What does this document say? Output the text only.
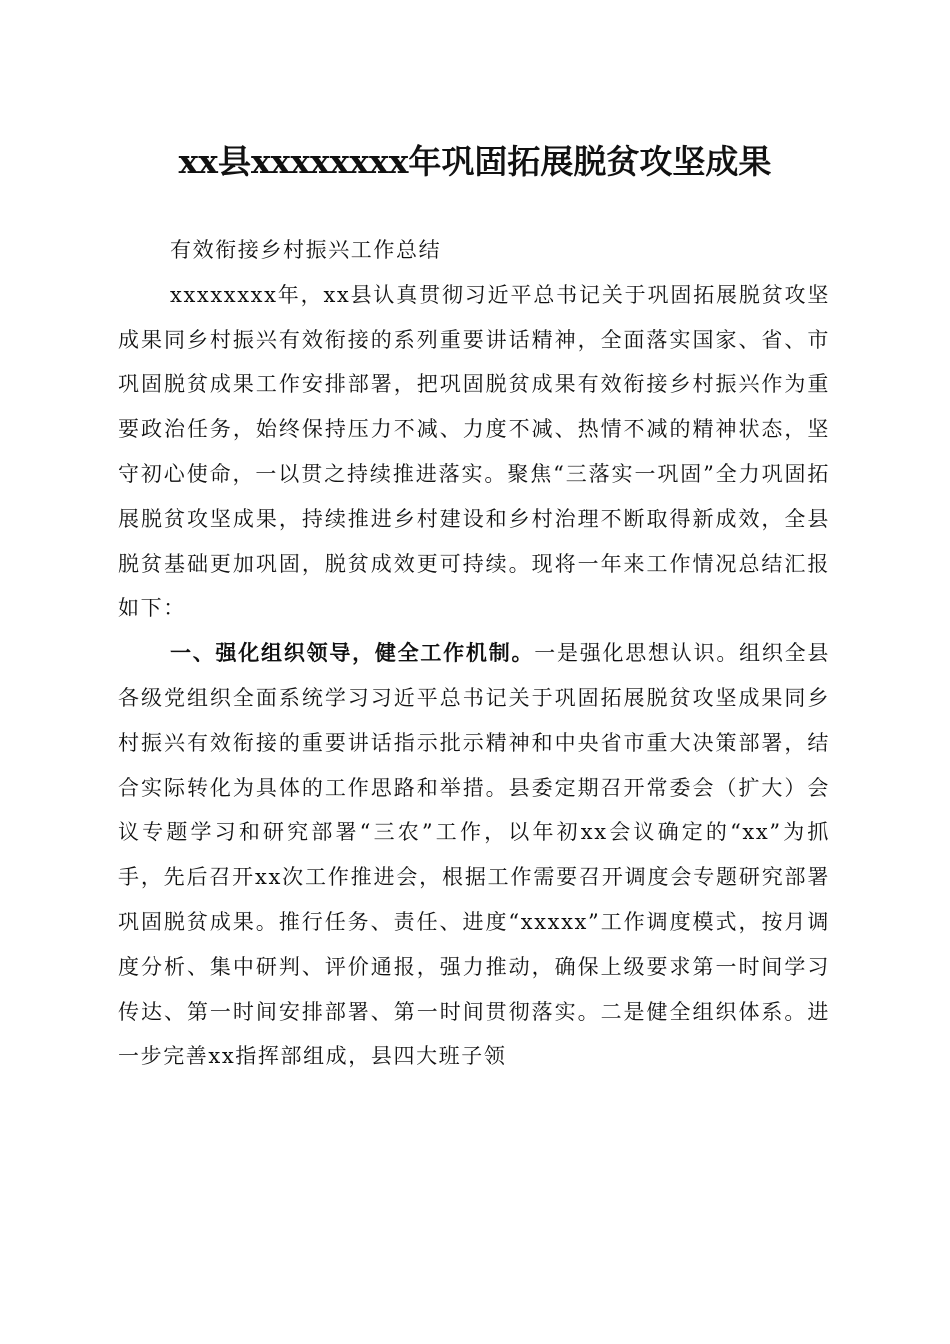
xx县xxxxxxxx年巩固拓展脱贫攻坚成果

有效衔接乡村振兴工作总结

xxxxxxxx年，xx县认真贯彻习近平总书记关于巩固拓展脱贫攻坚成果同乡村振兴有效衔接的系列重要讲话精神，全面落实国家、省、市巩固脱贫成果工作安排部署，把巩固脱贫成果有效衔接乡村振兴作为重要政治任务，始终保持压力不减、力度不减、热情不减的精神状态，坚守初心使命，一以贯之持续推进落实。聚焦“三落实一巩固”全力巩固拓展脱贫攻坚成果，持续推进乡村建设和乡村治理不断取得新成效，全县脱贫基础更加巩固，脱贫成效更可持续。现将一年来工作情况总结汇报如下：

一、强化组织领导，健全工作机制。一是强化思想认识。组织全县各级党组织全面系统学习习近平总书记关于巩固拓展脱贫攻坚成果同乡村振兴有效衔接的重要讲话指示批示精神和中央省市重大决策部署，结合实际转化为具体的工作思路和举措。县委定期召开常委会（扩大）会议专题学习和研究部署“三农”工作，以年初xx会议确定的“xx”为抓手，先后召开xx次工作推进会，根据工作需要召开调度会专题研究部署巩固脱贫成果。推行任务、责任、进度“xxxxx”工作调度模式，按月调度分析、集中研判、评价通报，强力推动，确保上级要求第一时间学习传达、第一时间安排部署、第一时间贯彻落实。二是健全组织体系。进一步完善xx指挥部组成，县四大班子领
